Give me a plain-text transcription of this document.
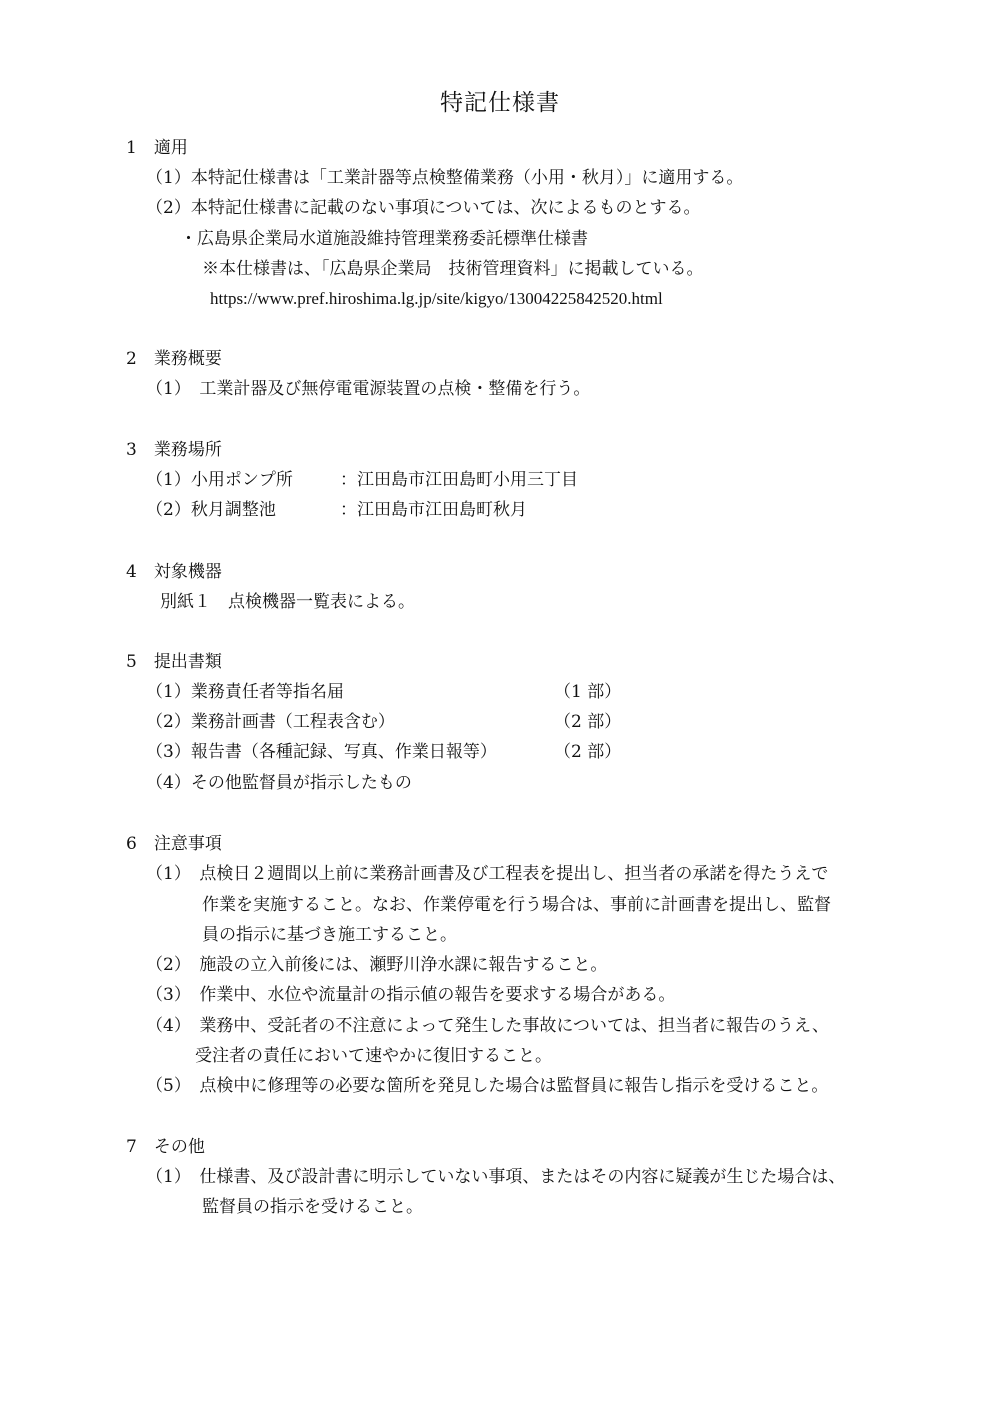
特記仕様書
1　適用
（1）本特記仕様書は「工業計器等点検整備業務（小用・秋月）」に適用する。
（2）本特記仕様書に記載のない事項については、次によるものとする。
・広島県企業局水道施設維持管理業務委託標準仕様書
※本仕様書は、「広島県企業局　技術管理資料」に掲載している。
https://www.pref.hiroshima.lg.jp/site/kigyo/13004225842520.html
2　業務概要
（1）　工業計器及び無停電電源装置の点検・整備を行う。
3　業務場所
（1）小用ポンプ所	：江田島市江田島町小用三丁目
（2）秋月調整池	：江田島市江田島町秋月
4　対象機器
別紙１　点検機器一覧表による。
5　提出書類
（1）業務責任者等指名届	（1 部）
（2）業務計画書（工程表含む）	（2 部）
（3）報告書（各種記録、写真、作業日報等）	（2 部）
（4）その他監督員が指示したもの
6　注意事項
（1）　点検日２週間以上前に業務計画書及び工程表を提出し、担当者の承諾を得たうえで
作業を実施すること。なお、作業停電を行う場合は、事前に計画書を提出し、監督
員の指示に基づき施工すること。
（2）　施設の立入前後には、瀬野川浄水課に報告すること。
（3）　作業中、水位や流量計の指示値の報告を要求する場合がある。
（4）　業務中、受託者の不注意によって発生した事故については、担当者に報告のうえ、
受注者の責任において速やかに復旧すること。
（5）　点検中に修理等の必要な箇所を発見した場合は監督員に報告し指示を受けること。
7　その他
（1）　仕様書、及び設計書に明示していない事項、またはその内容に疑義が生じた場合は、
監督員の指示を受けること。
